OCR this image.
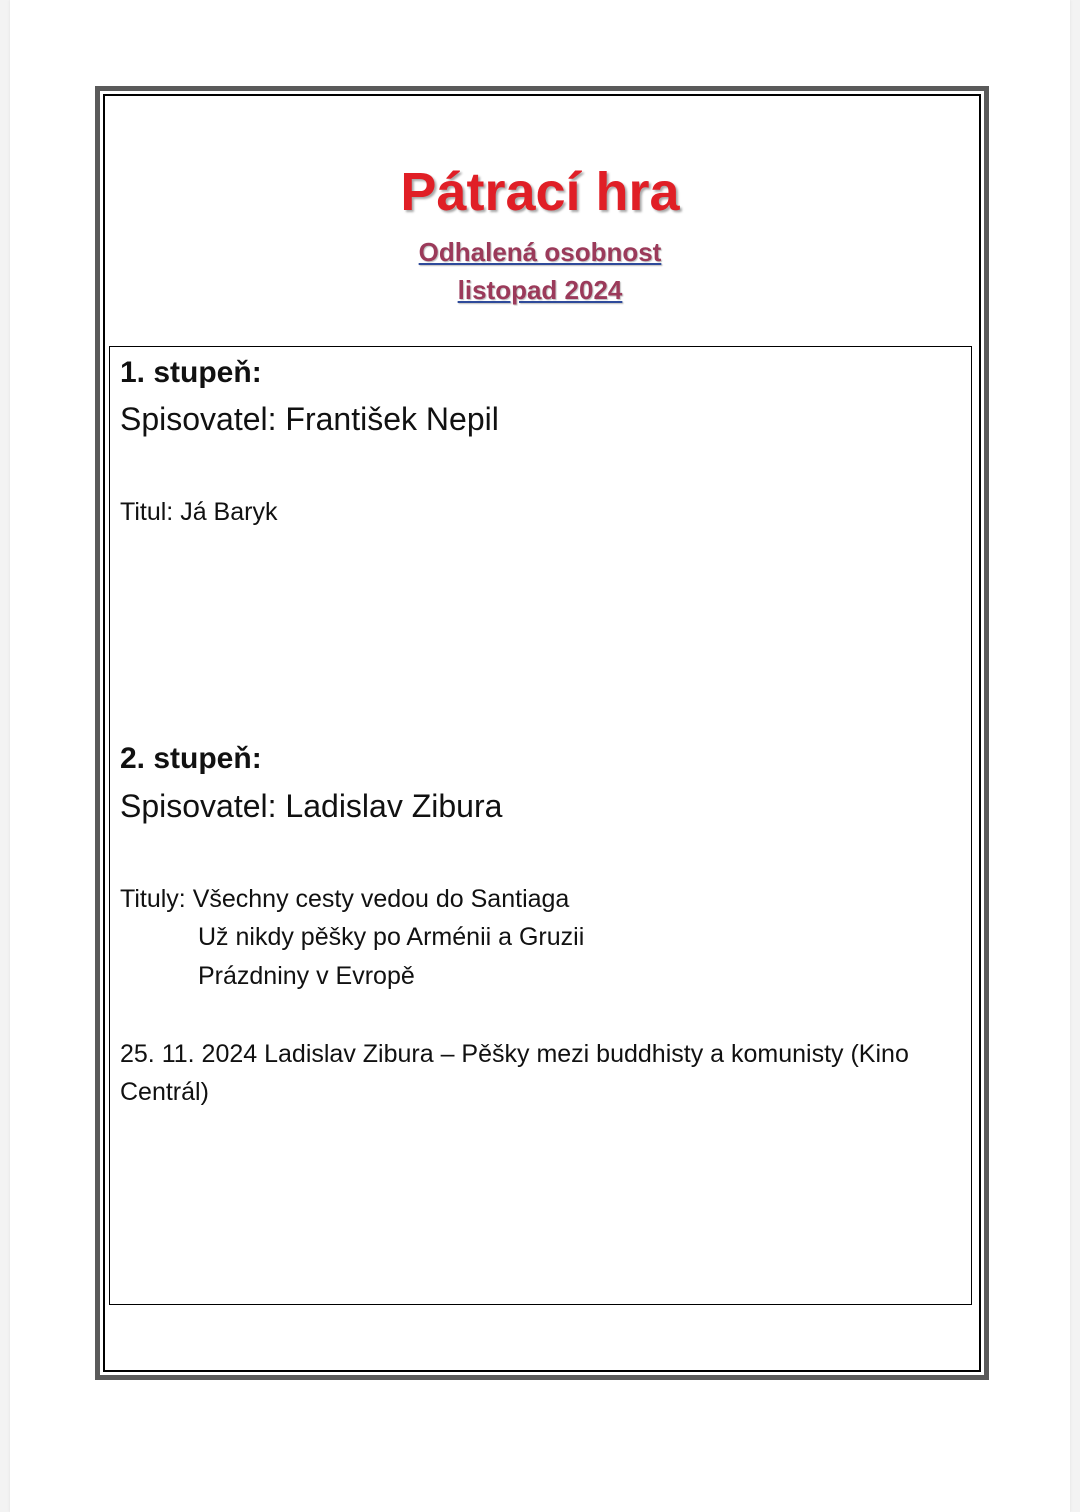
Pátrací hra
Odhalená osobnost
listopad 2024
1. stupeň:
Spisovatel: František Nepil
Titul: Já Baryk
2. stupeň:
Spisovatel: Ladislav Zibura
Tituly: Všechny cesty vedou do Santiaga
Už nikdy pěšky po Arménii a Gruzii
Prázdniny v Evropě
25. 11. 2024 Ladislav Zibura – Pěšky mezi buddhisty a komunisty (Kino Centrál)
